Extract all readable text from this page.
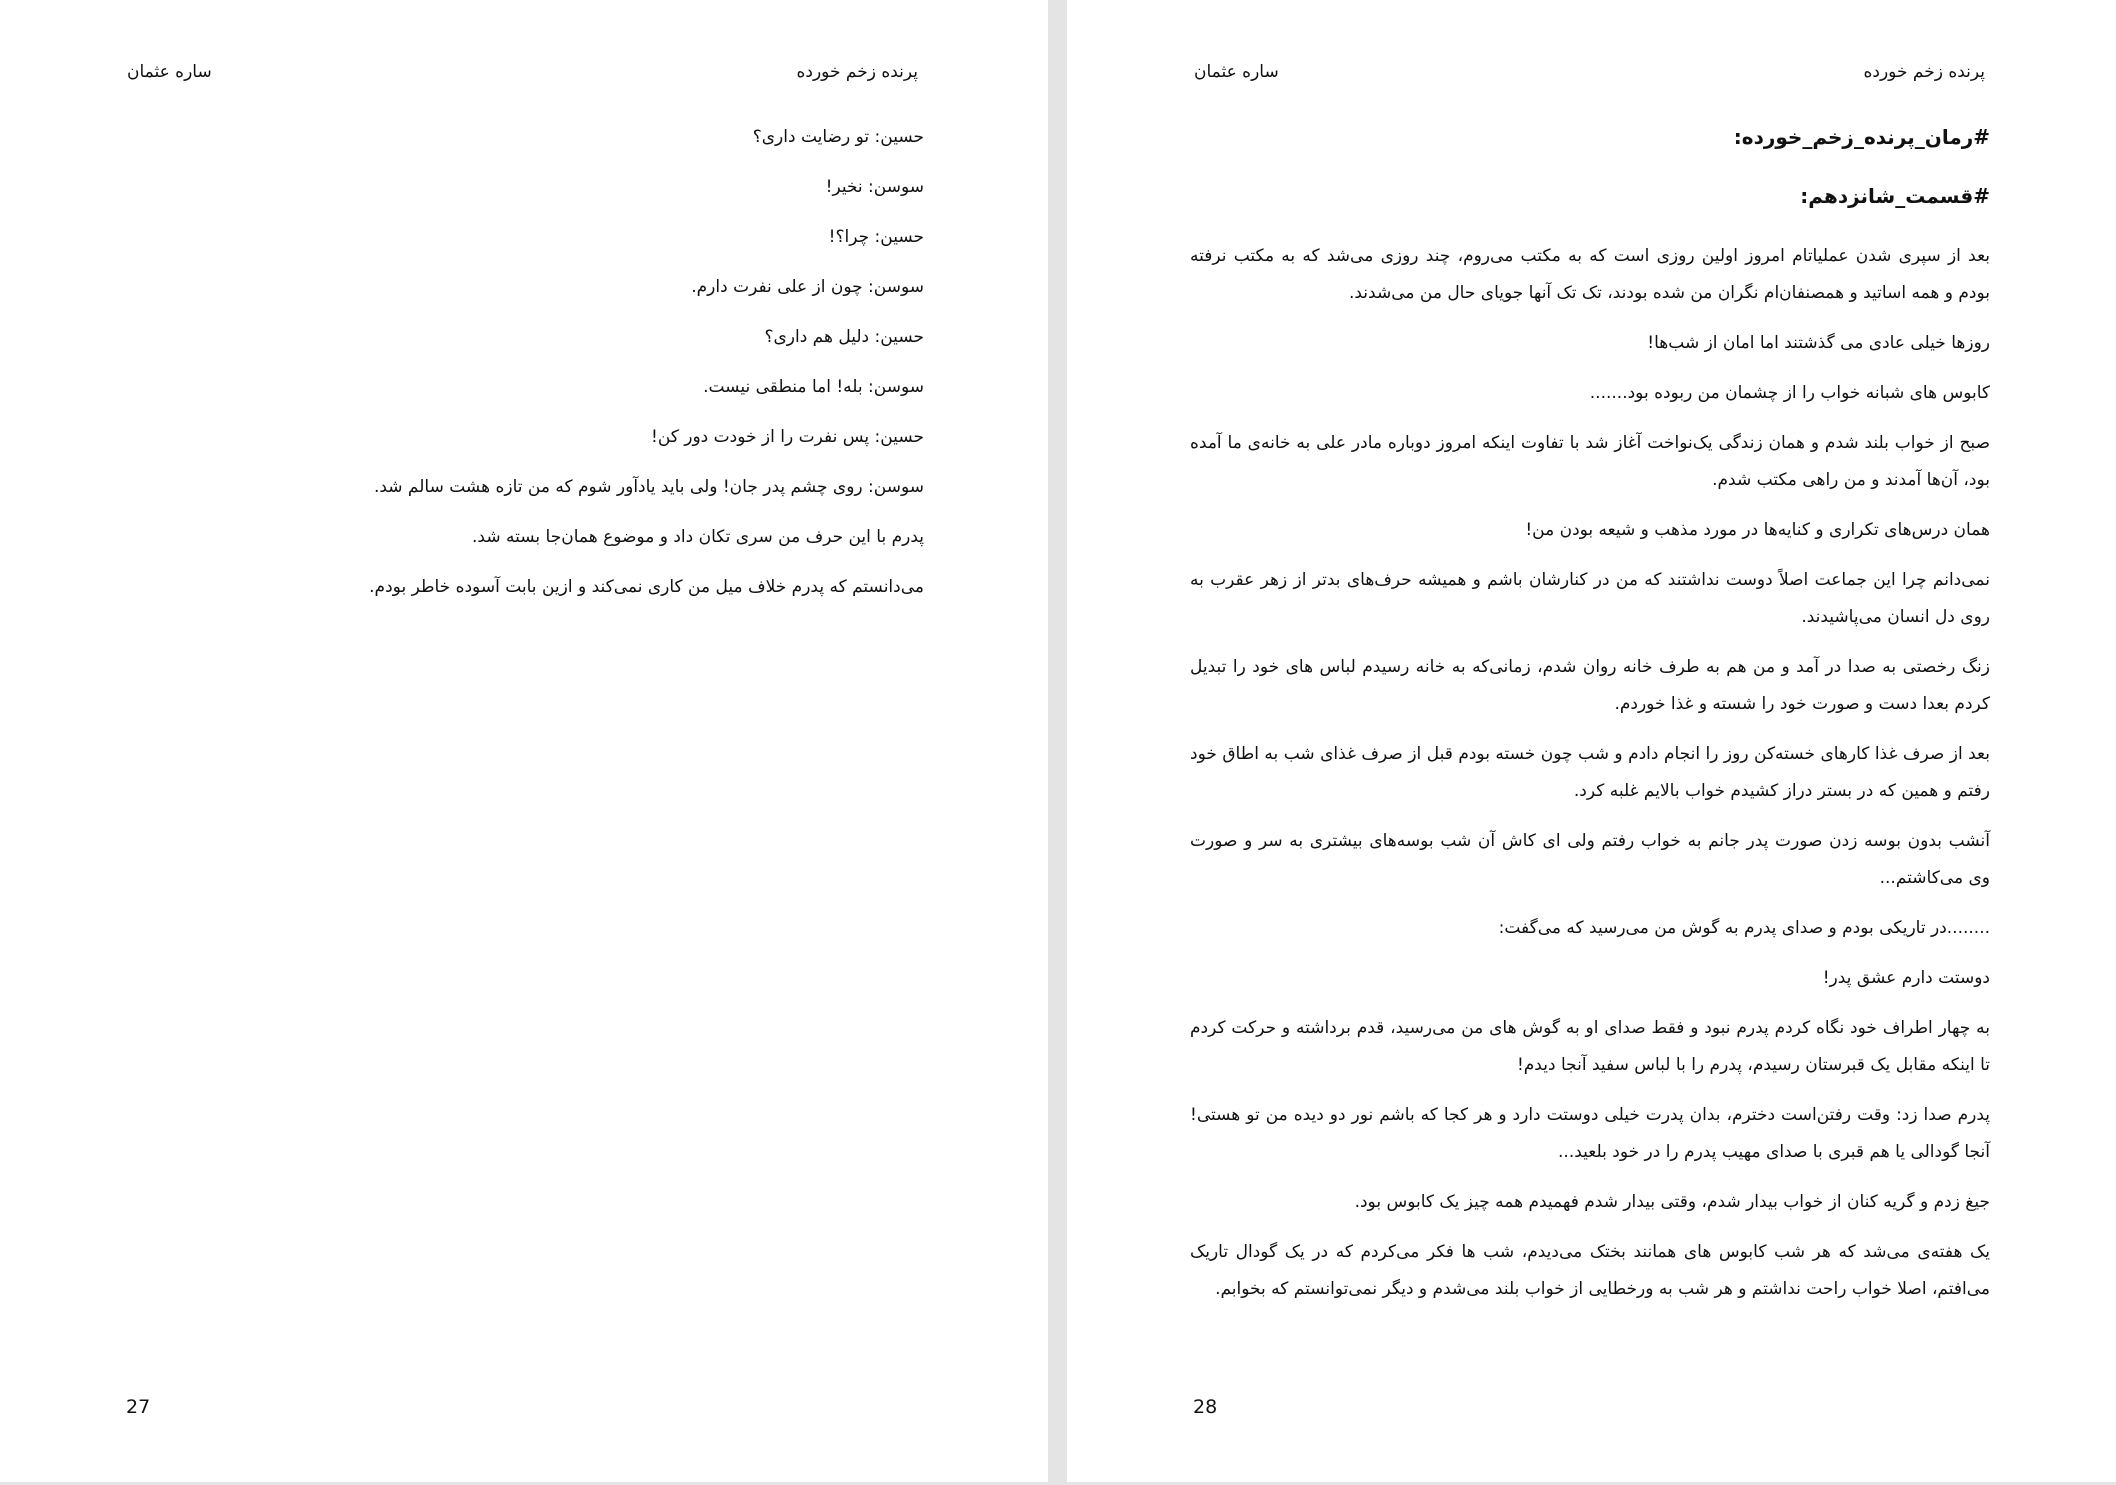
پرنده زخم خورده
ساره عثمان

حسین: تو رضایت داری؟

سوسن: نخیر!

حسین: چرا؟!

سوسن: چون از علی نفرت دارم.

حسین: دلیل هم داری؟

سوسن: بله! اما منطقی نیست.

حسین: پس نفرت را از خودت دور کن!

سوسن: روی چشم پدر جان! ولی باید یادآور شوم که من تازه هشت سالم شد.

پدرم با این حرف من سری تکان داد و موضوع همان‌جا بسته شد.

می‌دانستم که پدرم خلاف میل من کاری نمی‌کند و ازین بابت آسوده خاطر بودم.

27
پرنده زخم خورده
ساره عثمان

#رمان_پرنده_زخم_خورده:

#قسمت_شانزدهم:

بعد از سپری شدن عملیاتام امروز اولین روزی است که به مکتب می‌روم، چند روزی می‌شد که به مکتب نرفته بودم و همه اساتید و همصنفان‌ام نگران من شده بودند، تک تک آنها جویای حال من می‌شدند.

روزها خیلی عادی می گذشتند اما امان از شب‌ها!

کابوس های شبانه خواب را از چشمان من ربوده بود.......

صبح از خواب بلند شدم و همان زندگی یک‌نواخت آغاز شد با تفاوت اینکه امروز دوباره مادر علی به خانه‌ی ما آمده بود، آن‌ها آمدند و من راهی مکتب شدم.

همان درس‌های تکراری و کنایه‌ها در مورد مذهب و شیعه بودن من!

نمی‌دانم چرا این جماعت اصلاً دوست نداشتند که من در کنارشان باشم و همیشه حرف‌های بدتر از زهر عقرب به روی دل انسان می‌پاشیدند.

زنگ رخصتی به صدا در آمد و من هم به طرف خانه روان شدم، زمانی‌که به خانه رسیدم لباس های خود را تبدیل کردم بعدا دست و صورت خود را شسته و غذا خوردم.

بعد از صرف غذا کارهای خسته‌کن روز را انجام دادم و شب چون خسته بودم قبل از صرف غذای شب به اطاق خود رفتم و همین که در بستر دراز کشیدم خواب بالایم غلبه کرد.

آنشب بدون بوسه زدن صورت پدر جانم به خواب رفتم ولی ای کاش آن شب بوسه‌های بیشتری به سر و صورت وی می‌کاشتم...

........در تاریکی بودم و صدای پدرم به گوش من می‌رسید که می‌گفت:

دوستت دارم عشق پدر!

به چهار اطراف خود نگاه کردم پدرم نبود و فقط صدای او به گوش های من می‌رسید، قدم برداشته و حرکت کردم تا اینکه مقابل یک قبرستان رسیدم، پدرم را با لباس سفید آنجا دیدم!

پدرم صدا زد: وقت رفتن‌است دخترم، بدان پدرت خیلی دوستت دارد و هر کجا که باشم نور دو دیده من تو هستی! آنجا گودالی یا هم قبری با صدای مهیب پدرم را در خود بلعید...

جیغ زدم و گریه کنان از خواب بیدار شدم، وقتی بیدار شدم فهمیدم همه چیز یک کابوس بود.

یک هفته‌ی می‌شد که هر شب کابوس های همانند بختک می‌دیدم، شب ها فکر می‌کردم که در یک گودال تاریک می‌افتم، اصلا خواب راحت نداشتم و هر شب به ورخطایی از خواب بلند می‌شدم و دیگر نمی‌توانستم که بخوابم.

28
